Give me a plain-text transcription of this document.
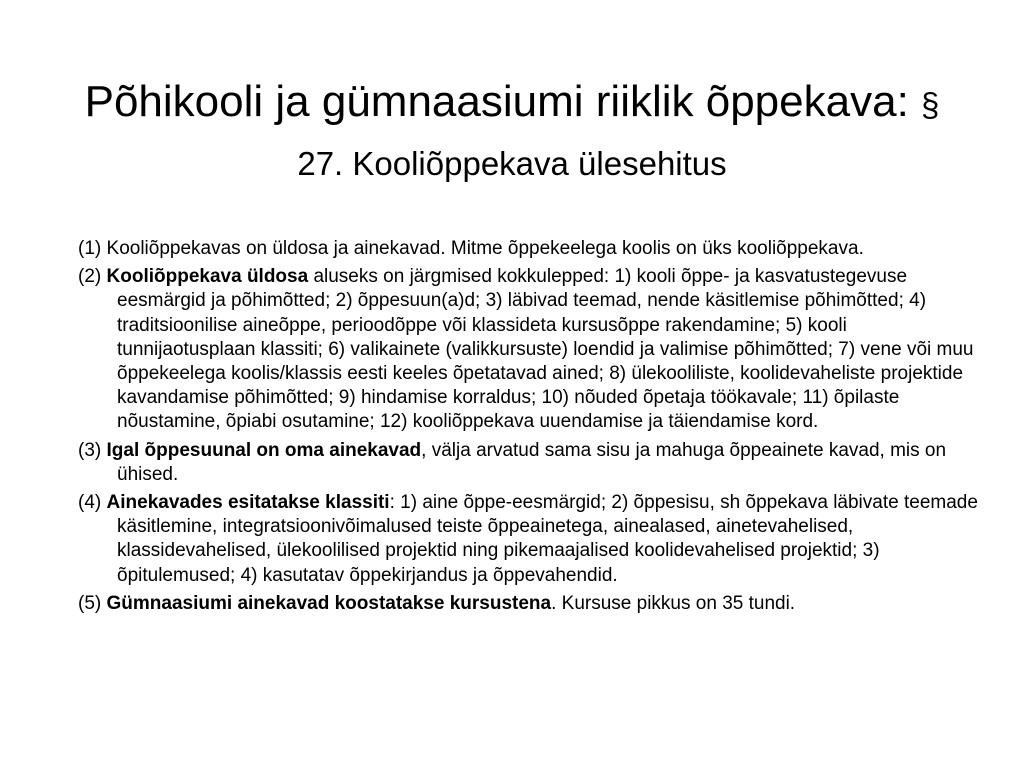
Põhikooli ja gümnaasiumi riiklik õppekava: § 27. Kooliõppekava ülesehitus

(1) Kooliõppekavas on üldosa ja ainekavad. Mitme õppekeelega koolis on üks kooliõppekava.

(2) Kooliõppekava üldosa aluseks on järgmised kokkulepped: 1) kooli õppe- ja kasvatustegevuse eesmärgid ja põhimõtted; 2) õppesuun(a)d; 3) läbivad teemad, nende käsitlemise põhimõtted; 4) traditsioonilise aineõppe, perioodõppe või klassideta kursusõppe rakendamine; 5) kooli tunnijaotusplaan klassiti; 6) valikainete (valikkursuste) loendid ja valimise põhimõtted; 7) vene või muu õppekeelega koolis/klassis eesti keeles õpetatavad ained; 8) ülekooliliste, koolidevaheliste projektide kavandamise põhimõtted; 9) hindamise korraldus; 10) nõuded õpetaja töökavale; 11) õpilaste nõustamine, õpiabi osutamine; 12) kooliõppekava uuendamise ja täiendamise kord.

(3) Igal õppesuunal on oma ainekavad, välja arvatud sama sisu ja mahuga õppeainete kavad, mis on ühised.

(4) Ainekavades esitatakse klassiti: 1) aine õppe-eesmärgid; 2) õppesisu, sh õppekava läbivate teemade käsitlemine, integratsioonivõimalused teiste õppeainetega, ainealased, ainetevahelised, klassidevahelised, ülekoolilised projektid ning pikemaajalised koolidevahelised projektid; 3) õpitulemused; 4) kasutatav õppekirjandus ja õppevahendid.

(5) Gümnaasiumi ainekavad koostatakse kursustena. Kursuse pikkus on 35 tundi.
